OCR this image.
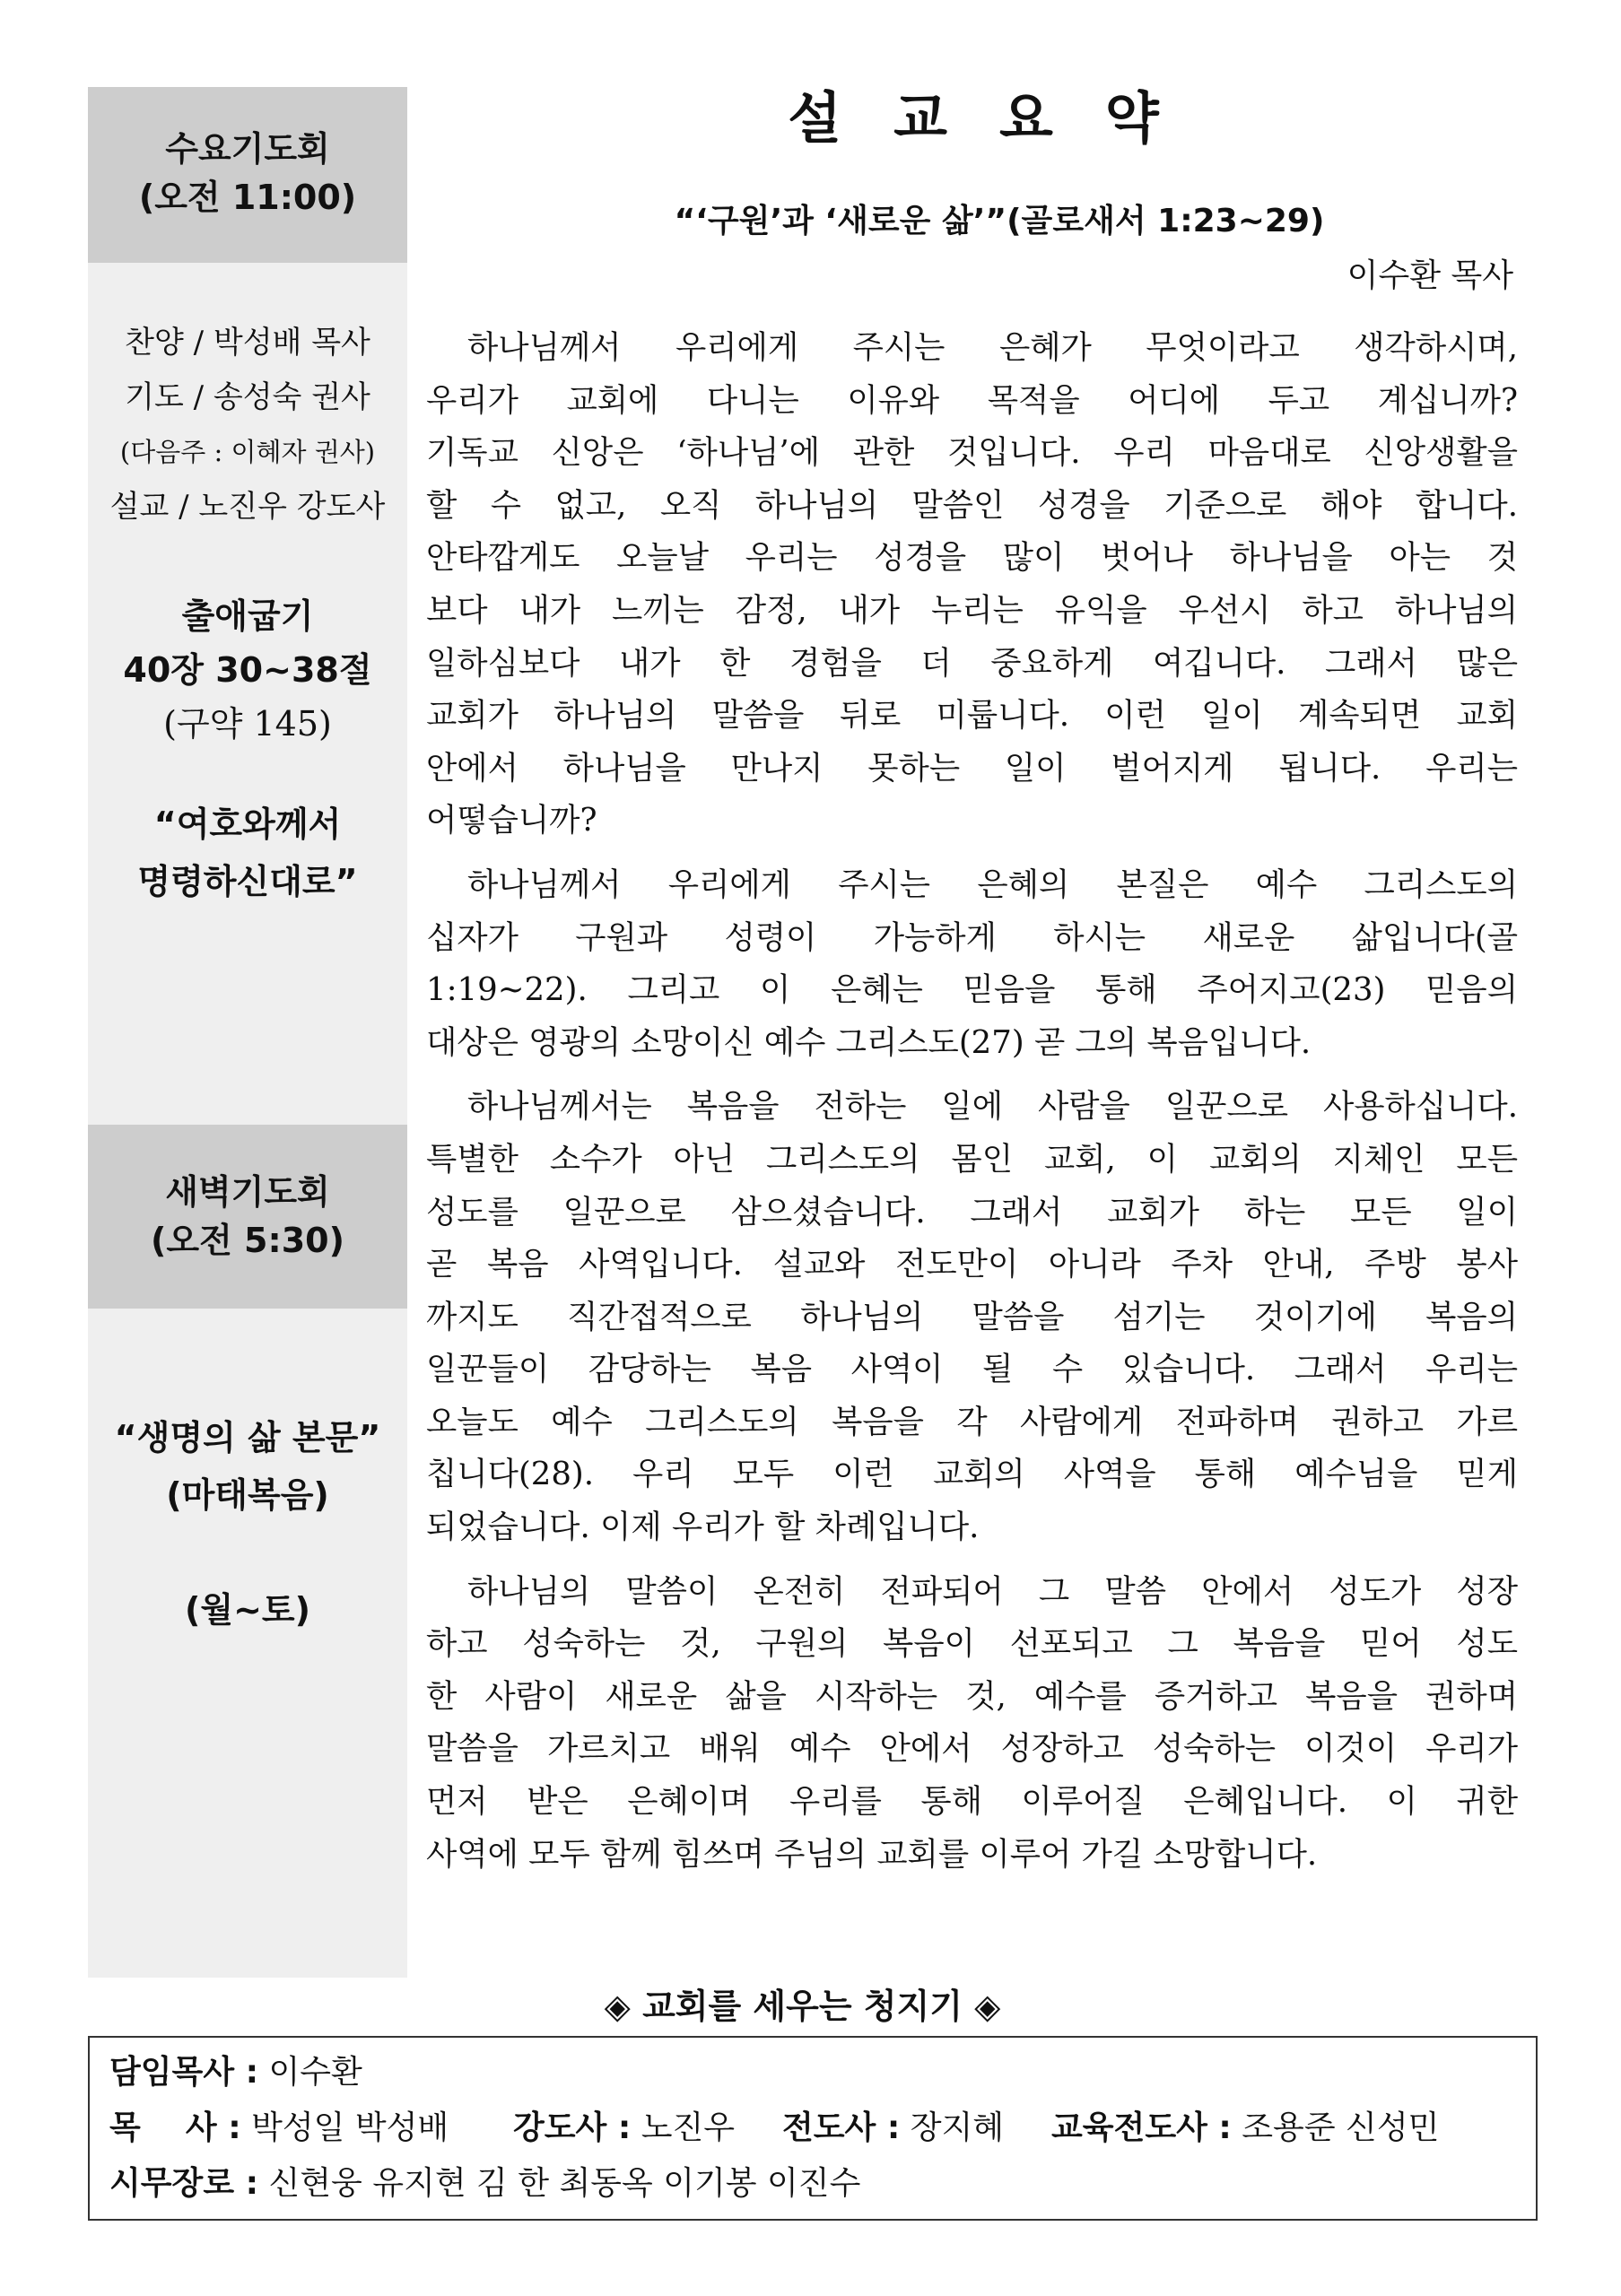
수요기도회
(오전 11:00)
찬양 / 박성배 목사
기도 / 송성숙 권사
(다음주 : 이혜자 권사)
설교 / 노진우 강도사
출애굽기
40장 30~38절
(구약 145)
“여호와께서
명령하신대로”
새벽기도회
(오전 5:30)
“생명의 삶 본문”
(마태복음)
(월~토)
설교요약
“‘구원’과 ‘새로운 삶’”(골로새서 1:23~29)
이수환 목사

하나님께서 우리에게 주시는 은혜가 무엇이라고 생각하시며,
우리가 교회에 다니는 이유와 목적을 어디에 두고 계십니까?
기독교 신앙은 ‘하나님’에 관한 것입니다. 우리 마음대로 신앙생활을
할 수 없고, 오직 하나님의 말씀인 성경을 기준으로 해야 합니다.
안타깝게도 오늘날 우리는 성경을 많이 벗어나 하나님을 아는 것
보다 내가 느끼는 감정, 내가 누리는 유익을 우선시 하고 하나님의
일하심보다 내가 한 경험을 더 중요하게 여깁니다. 그래서 많은
교회가 하나님의 말씀을 뒤로 미룹니다. 이런 일이 계속되면 교회
안에서 하나님을 만나지 못하는 일이 벌어지게 됩니다. 우리는
어떻습니까?

하나님께서 우리에게 주시는 은혜의 본질은 예수 그리스도의
십자가 구원과 성령이 가능하게 하시는 새로운 삶입니다(골
1:19~22). 그리고 이 은혜는 믿음을 통해 주어지고(23) 믿음의
대상은 영광의 소망이신 예수 그리스도(27) 곧 그의 복음입니다.

하나님께서는 복음을 전하는 일에 사람을 일꾼으로 사용하십니다.
특별한 소수가 아닌 그리스도의 몸인 교회, 이 교회의 지체인 모든
성도를 일꾼으로 삼으셨습니다. 그래서 교회가 하는 모든 일이
곧 복음 사역입니다. 설교와 전도만이 아니라 주차 안내, 주방 봉사
까지도 직간접적으로 하나님의 말씀을 섬기는 것이기에 복음의
일꾼들이 감당하는 복음 사역이 될 수 있습니다. 그래서 우리는
오늘도 예수 그리스도의 복음을 각 사람에게 전파하며 권하고 가르
칩니다(28). 우리 모두 이런 교회의 사역을 통해 예수님을 믿게
되었습니다. 이제 우리가 할 차례입니다.

하나님의 말씀이 온전히 전파되어 그 말씀 안에서 성도가 성장
하고 성숙하는 것, 구원의 복음이 선포되고 그 복음을 믿어 성도
한 사람이 새로운 삶을 시작하는 것, 예수를 증거하고 복음을 권하며
말씀을 가르치고 배워 예수 안에서 성장하고 성숙하는 이것이 우리가
먼저 받은 은혜이며 우리를 통해 이루어질 은혜입니다. 이 귀한
사역에 모두 함께 힘쓰며 주님의 교회를 이루어 가길 소망합니다.

◈ 교회를 세우는 청지기 ◈
담임목사 : 이수환
목    사 : 박성일 박성배 강도사 : 노진우 전도사 : 장지혜 교육전도사 : 조용준 신성민
시무장로 : 신현웅 유지현 김 한 최동옥 이기봉 이진수
